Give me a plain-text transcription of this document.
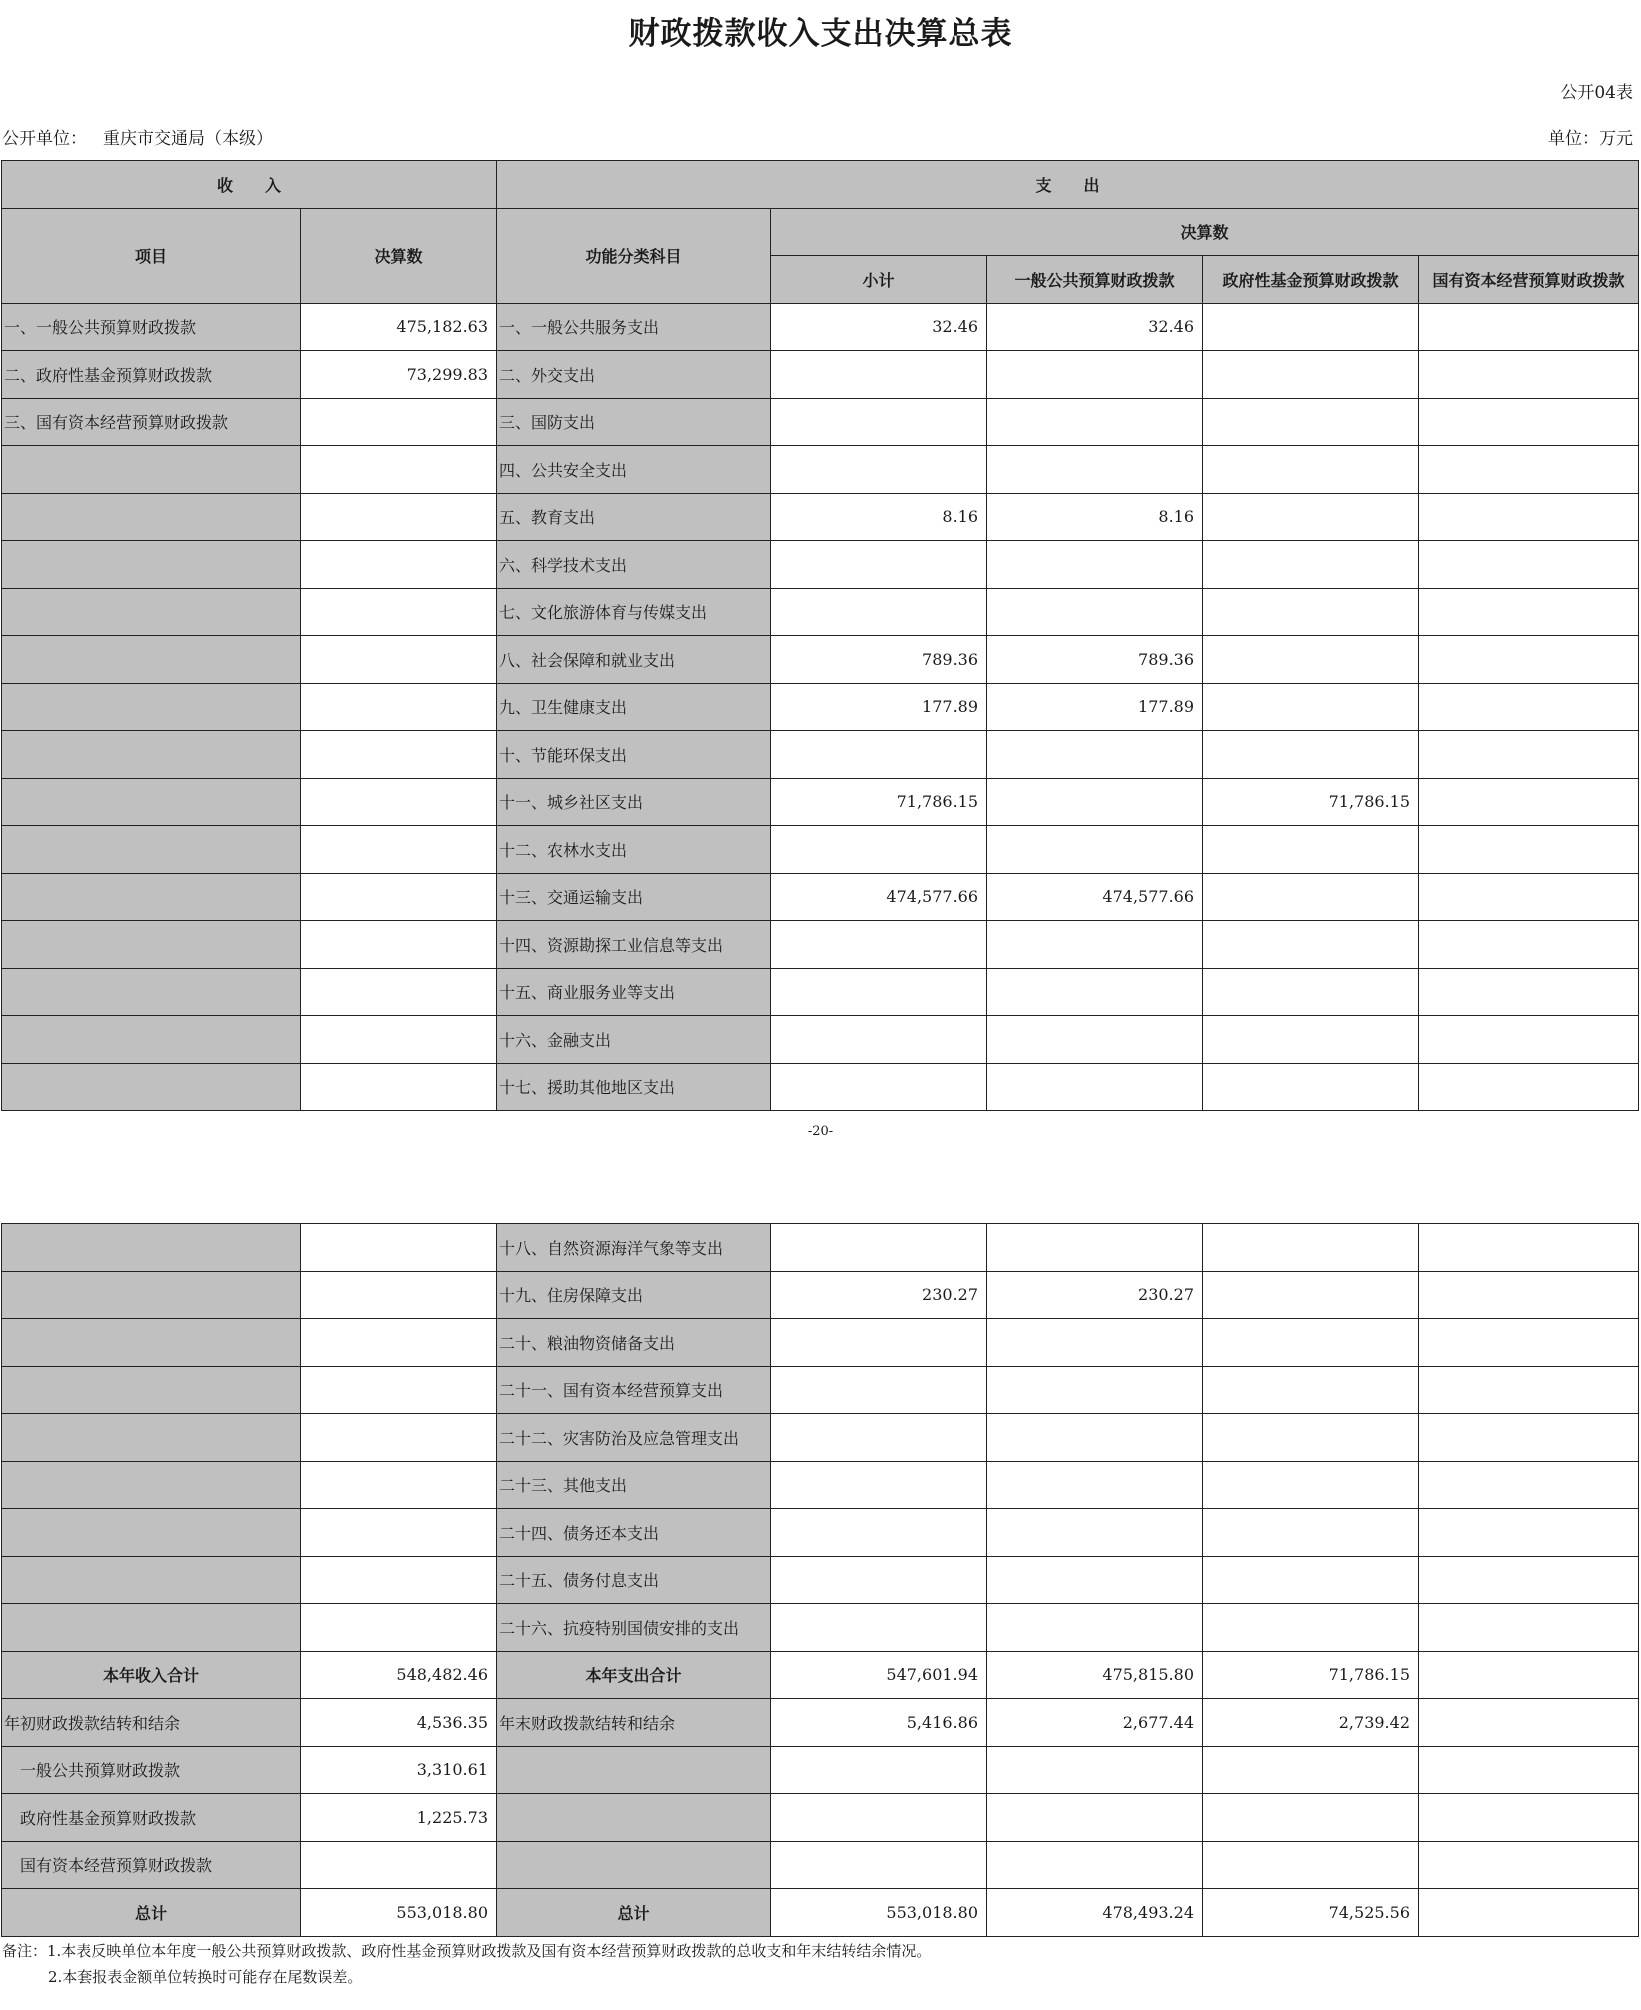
财政拨款收入支出决算总表
公开04表
公开单位： 重庆市交通局（本级）	单位：万元
收　　入		支　　出				
项目	决算数	功能分类科目	决算数			
			小计	一般公共预算财政拨款	政府性基金预算财政拨款	国有资本经营预算财政拨款
一、一般公共预算财政拨款	475,182.63	一、一般公共服务支出	32.46	32.46		
二、政府性基金预算财政拨款	73,299.83	二、外交支出				
三、国有资本经营预算财政拨款		三、国防支出				
		四、公共安全支出				
		五、教育支出	8.16	8.16		
		六、科学技术支出				
		七、文化旅游体育与传媒支出				
		八、社会保障和就业支出	789.36	789.36		
		九、卫生健康支出	177.89	177.89		
		十、节能环保支出				
		十一、城乡社区支出	71,786.15		71,786.15	
		十二、农林水支出				
		十三、交通运输支出	474,577.66	474,577.66		
		十四、资源勘探工业信息等支出				
		十五、商业服务业等支出				
		十六、金融支出				
		十七、援助其他地区支出				
-20-
		十八、自然资源海洋气象等支出				
		十九、住房保障支出	230.27	230.27		
		二十、粮油物资储备支出				
		二十一、国有资本经营预算支出				
		二十二、灾害防治及应急管理支出				
		二十三、其他支出				
		二十四、债务还本支出				
		二十五、债务付息支出				
		二十六、抗疫特别国债安排的支出				
本年收入合计	548,482.46	本年支出合计	547,601.94	475,815.80	71,786.15	
年初财政拨款结转和结余	4,536.35	年末财政拨款结转和结余	5,416.86	2,677.44	2,739.42	
一般公共预算财政拨款	3,310.61					
政府性基金预算财政拨款	1,225.73					
国有资本经营预算财政拨款						
总计	553,018.80	总计	553,018.80	478,493.24	74,525.56	
备注：1.本表反映单位本年度一般公共预算财政拨款、政府性基金预算财政拨款及国有资本经营预算财政拨款的总收支和年末结转结余情况。
2.本套报表金额单位转换时可能存在尾数误差。
